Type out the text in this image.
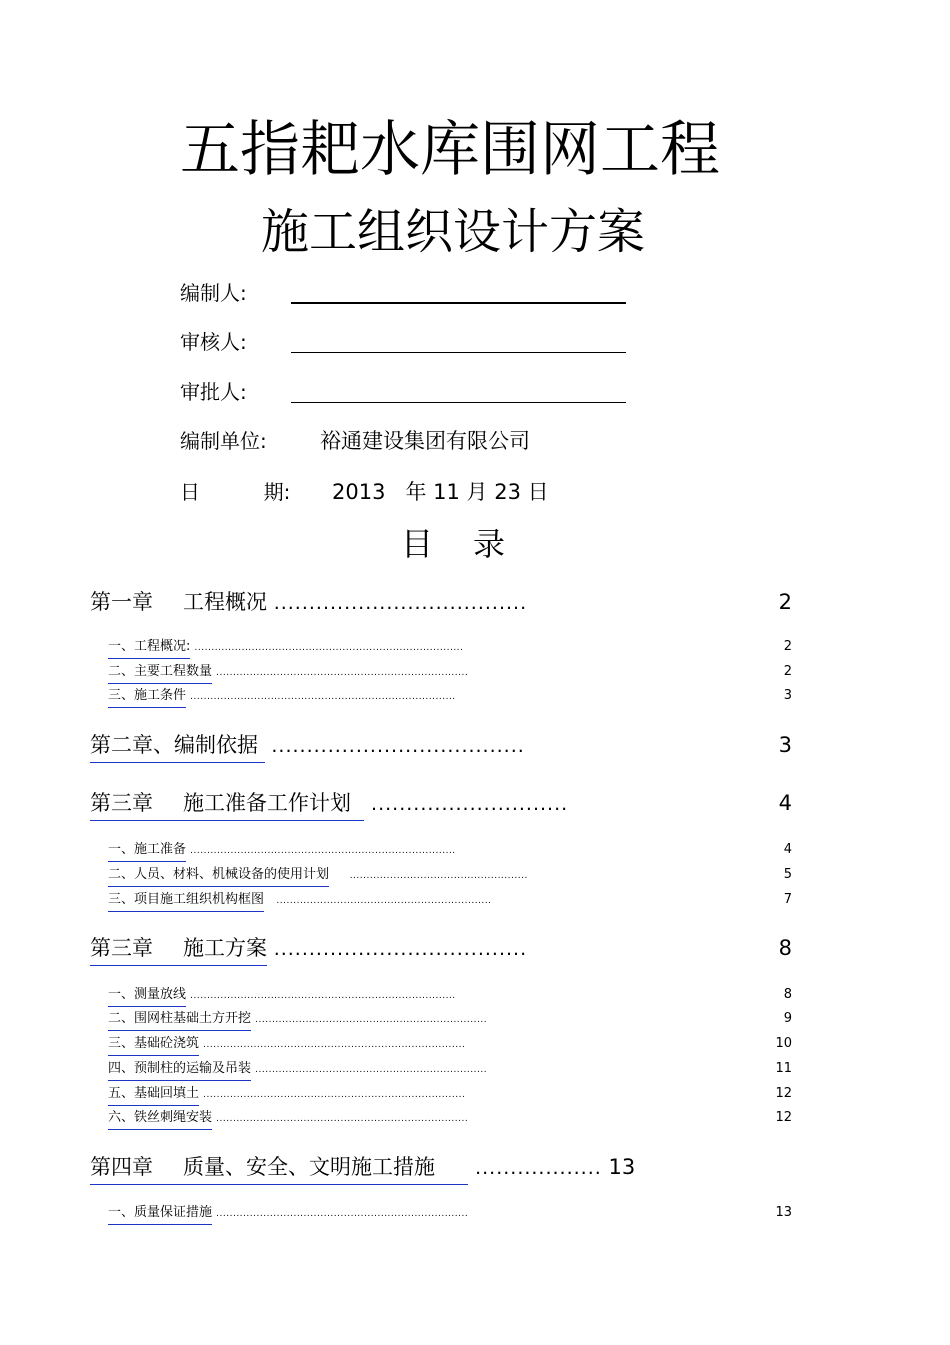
五指耙水库围网工程
施工组织设计方案
编制人:
审核人:
审批人:
编制单位:	裕通建设集团有限公司
日          期: 2013   年 11 月 23 日
目录
第一章 工程概况 ....................................	2
一、工程概况: ................................................................................	2
二、主要工程数量 ...........................................................................	2
三、施工条件 ...............................................................................	3
第二章、编制依据 ....................................	3
第三章 施工准备工作计划 ............................	4
一、施工准备 ...............................................................................	4
二、人员、材料、机械设备的使用计划 .....................................................	5
三、项目施工组织机构框图 ................................................................	7
第三章 施工方案 ....................................	8
一、测量放线 ...............................................................................	8
二、围网柱基础土方开挖 .....................................................................	9
三、基础砼浇筑 ..............................................................................	10
四、预制柱的运输及吊装 .....................................................................	11
五、基础回填土 ..............................................................................	12
六、铁丝刺绳安装 ...........................................................................	12
第四章 质量、安全、文明施工措施 .................. 13
一、质量保证措施 ...........................................................................	13
